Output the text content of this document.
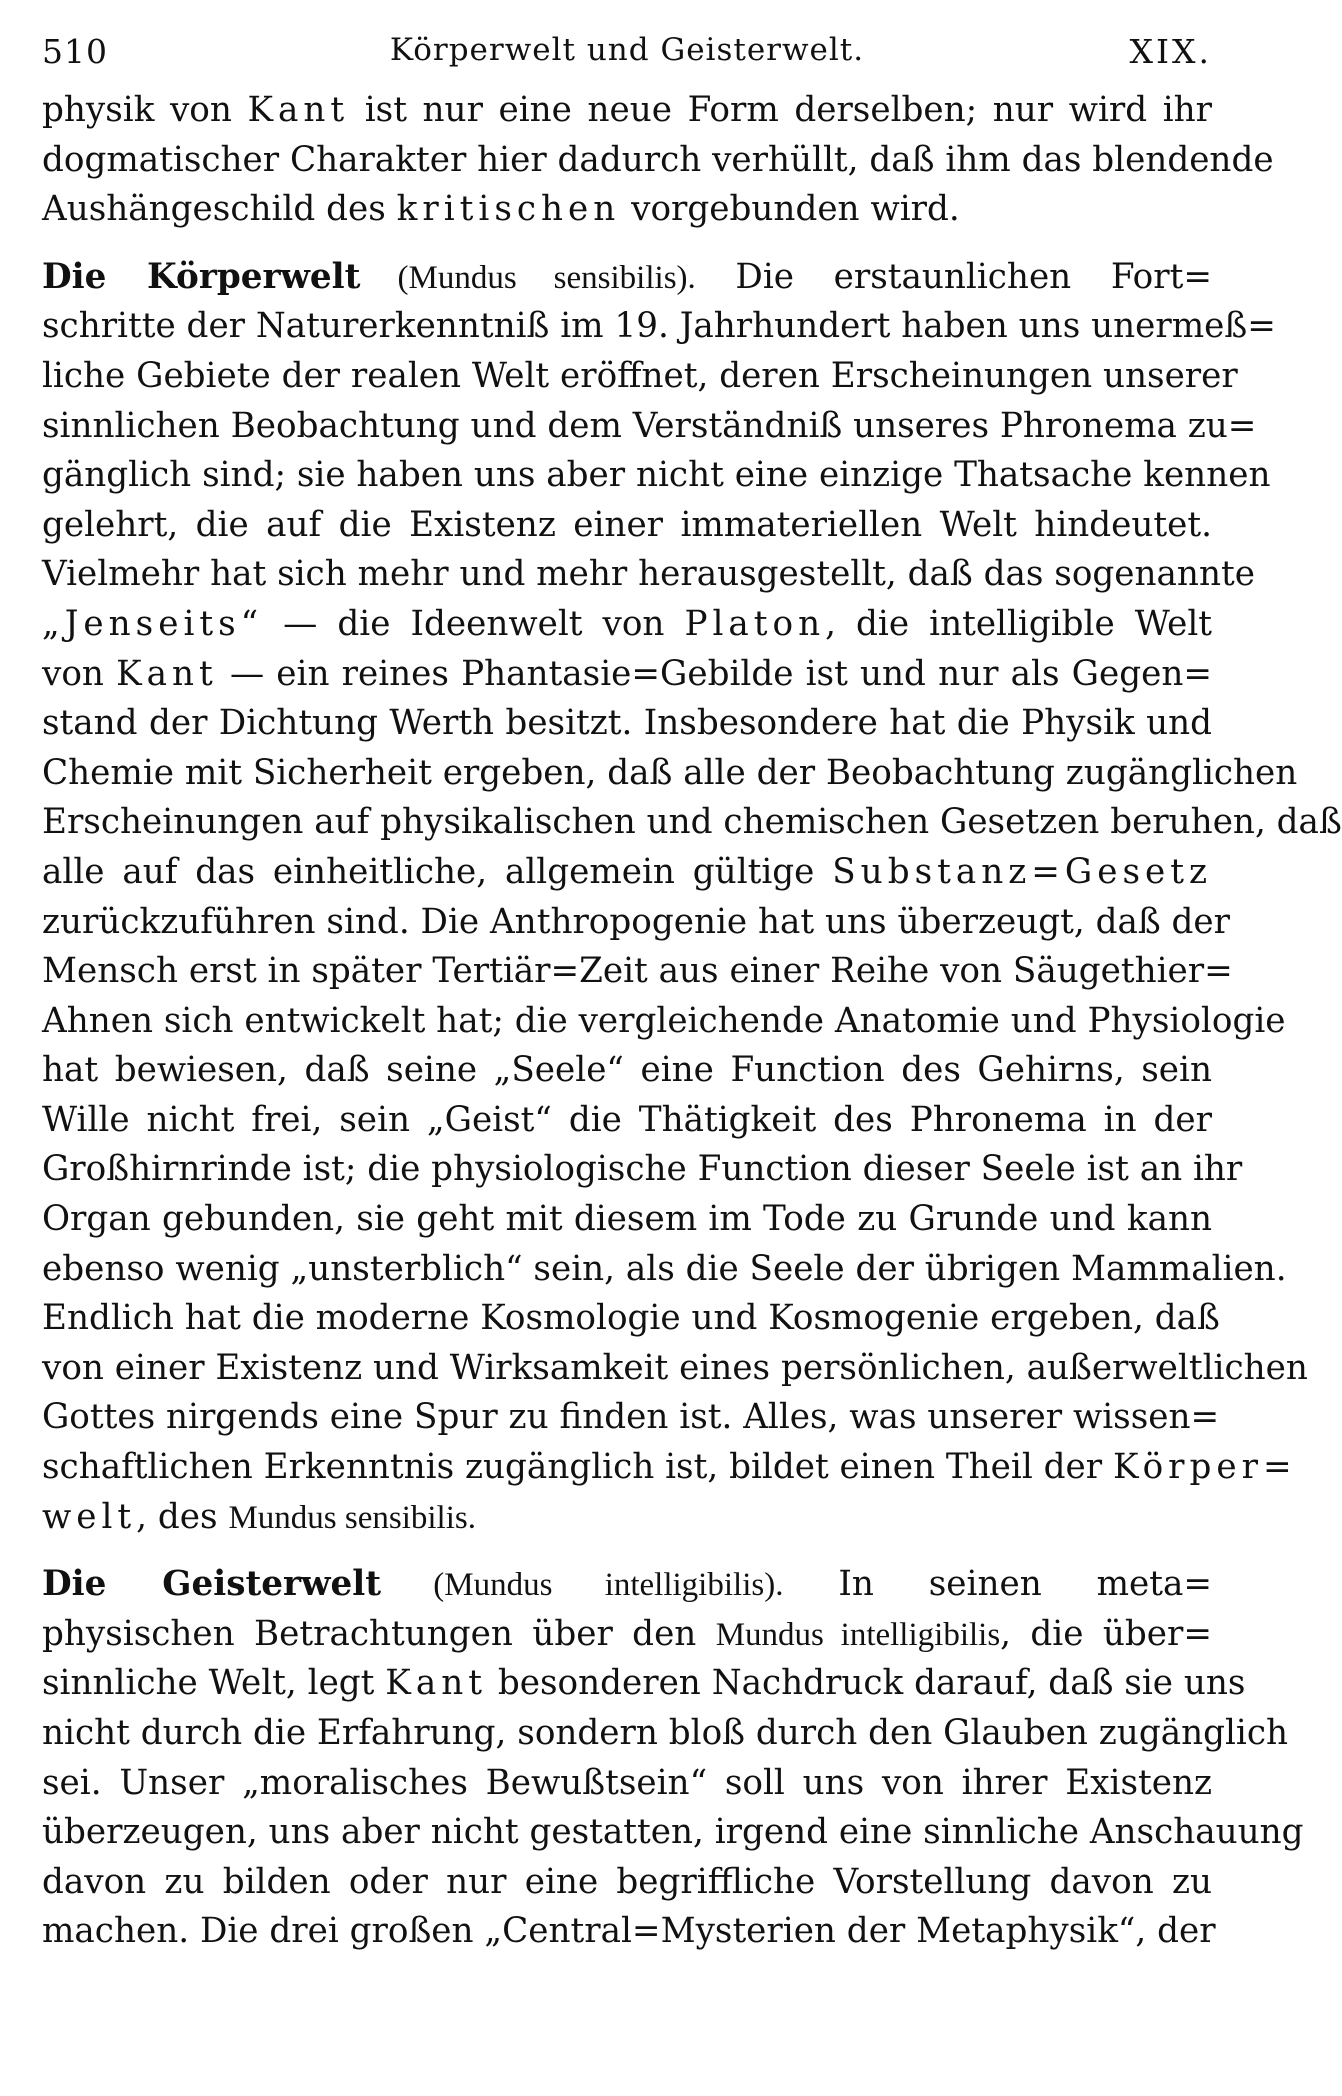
510	Körperwelt und Geisterwelt.	XIX.
physik von Kant ist nur eine neue Form derselben; nur wird ihr
dogmatischer Charakter hier dadurch verhüllt, daß ihm das blendende
Aushängeschild des kritischen vorgebunden wird.
Die Körperwelt (Mundus sensibilis). Die erstaunlichen Fort=
schritte der Naturerkenntniß im 19. Jahrhundert haben uns unermeß=
liche Gebiete der realen Welt eröffnet, deren Erscheinungen unserer
sinnlichen Beobachtung und dem Verständniß unseres Phronema zu=
gänglich sind; sie haben uns aber nicht eine einzige Thatsache kennen
gelehrt, die auf die Existenz einer immateriellen Welt hindeutet.
Vielmehr hat sich mehr und mehr herausgestellt, daß das sogenannte
„Jenseits“ — die Ideenwelt von Platon, die intelligible Welt
von Kant — ein reines Phantasie=Gebilde ist und nur als Gegen=
stand der Dichtung Werth besitzt. Insbesondere hat die Physik und
Chemie mit Sicherheit ergeben, daß alle der Beobachtung zugänglichen
Erscheinungen auf physikalischen und chemischen Gesetzen beruhen, daß
alle auf das einheitliche, allgemein gültige Substanz=Gesetz
zurückzuführen sind. Die Anthropogenie hat uns überzeugt, daß der
Mensch erst in später Tertiär=Zeit aus einer Reihe von Säugethier=
Ahnen sich entwickelt hat; die vergleichende Anatomie und Physiologie
hat bewiesen, daß seine „Seele“ eine Function des Gehirns, sein
Wille nicht frei, sein „Geist“ die Thätigkeit des Phronema in der
Großhirnrinde ist; die physiologische Function dieser Seele ist an ihr
Organ gebunden, sie geht mit diesem im Tode zu Grunde und kann
ebenso wenig „unsterblich“ sein, als die Seele der übrigen Mammalien.
Endlich hat die moderne Kosmologie und Kosmogenie ergeben, daß
von einer Existenz und Wirksamkeit eines persönlichen, außerweltlichen
Gottes nirgends eine Spur zu finden ist. Alles, was unserer wissen=
schaftlichen Erkenntnis zugänglich ist, bildet einen Theil der Körper=
welt, des Mundus sensibilis.
Die Geisterwelt (Mundus intelligibilis). In seinen meta=
physischen Betrachtungen über den Mundus intelligibilis, die über=
sinnliche Welt, legt Kant besonderen Nachdruck darauf, daß sie uns
nicht durch die Erfahrung, sondern bloß durch den Glauben zugänglich
sei. Unser „moralisches Bewußtsein“ soll uns von ihrer Existenz
überzeugen, uns aber nicht gestatten, irgend eine sinnliche Anschauung
davon zu bilden oder nur eine begriffliche Vorstellung davon zu
machen. Die drei großen „Central=Mysterien der Metaphysik“, der
